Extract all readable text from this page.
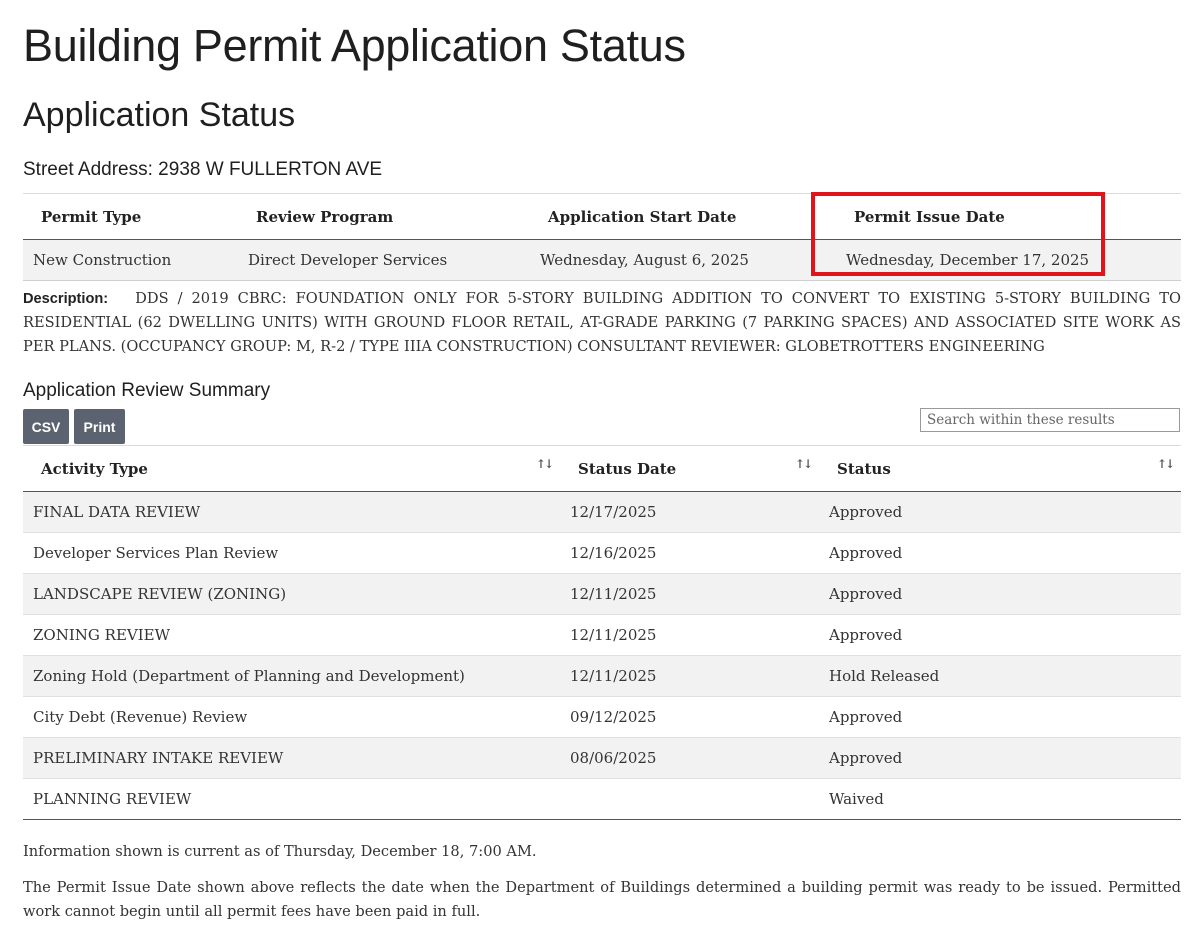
Building Permit Application Status
Application Status
Street Address: 2938 W FULLERTON AVE
Permit Type	Review Program	Application Start Date	Permit Issue Date
New Construction	Direct Developer Services	Wednesday, August 6, 2025	Wednesday, December 17, 2025
Description: DDS / 2019 CBRC: FOUNDATION ONLY FOR 5-STORY BUILDING ADDITION TO CONVERT TO EXISTING 5-STORY BUILDING TO RESIDENTIAL (62 DWELLING UNITS) WITH GROUND FLOOR RETAIL, AT-GRADE PARKING (7 PARKING SPACES) AND ASSOCIATED SITE WORK AS PER PLANS. (OCCUPANCY GROUP: M, R-2 / TYPE IIIA CONSTRUCTION) CONSULTANT REVIEWER: GLOBETROTTERS ENGINEERING
Application Review Summary
CSV	Print
Search within these results
Activity Type ↑↓	Status Date ↑↓	Status ↑↓

FINAL DATA REVIEW	12/17/2025	Approved
Developer Services Plan Review	12/16/2025	Approved
LANDSCAPE REVIEW (ZONING)	12/11/2025	Approved
ZONING REVIEW	12/11/2025	Approved
Zoning Hold (Department of Planning and Development)	12/11/2025	Hold Released
City Debt (Revenue) Review	09/12/2025	Approved
PRELIMINARY INTAKE REVIEW	08/06/2025	Approved
PLANNING REVIEW		Waived
Information shown is current as of Thursday, December 18, 7:00 AM.
The Permit Issue Date shown above reflects the date when the Department of Buildings determined a building permit was ready to be issued. Permitted work cannot begin until all permit fees have been paid in full.
